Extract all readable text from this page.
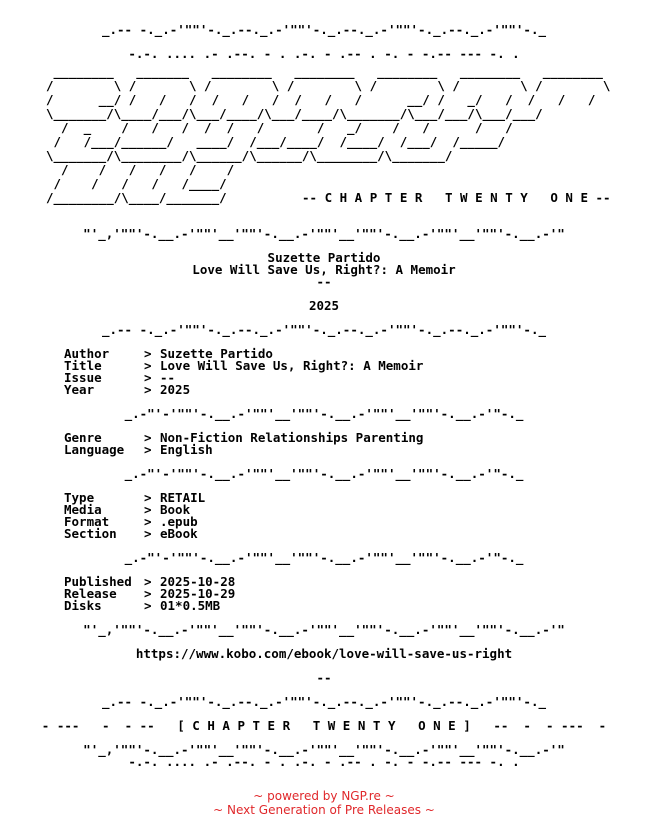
_.-- -._.-'""'-._.--._.-'""'-._.--._.-'""'-._.--._.-'""'-._
-.-. .... .- .--. - . .-. - .-- . -. - -.-- --- -. .
________   _______   ________   ________   ________   ________   ________
/        \ /       \ /        \ /        \ /        \ /        \ /        \
/      __/ /   /   /  /   /   /  /   /   /      __/ /   _/   /  /   /   /
\_______/\____/___/\___/____/\___/____/\_______/\___/___/\___/___/
/  _    /   /   /  /  /   /       /   _/    /   /      /   /
/   /___/______/   ____/  /___/____/  /____/  /___/  /_____/
\_______/\________/\______/\______/\________/\_______/
/    /   /   /   /    /
/    /   /   /   /____/
/________/\____/_______/	-- C H A P T E R   T W E N T Y   O N E --
"'_,'""'-.__.-'""'__'""'-.__.-'""'__'""'-.__.-'""'__'""'-.__.-'"
Suzette Partido
Love Will Save Us, Right?: A Memoir
--
2025
_.-- -._.-'""'-._.--._.-'""'-._.--._.-'""'-._.--._.-'""'-._
Author	> Suzette Partido
Title	> Love Will Save Us, Right?: A Memoir
Issue	> --
Year	> 2025
_.-"'-'""'-.__.-'""'__'""'-.__.-'""'__'""'-.__.-'"-._
Genre	> Non-Fiction Relationships Parenting
Language > English
_.-"'-'""'-.__.-'""'__'""'-.__.-'""'__'""'-.__.-'"-._
Type	> RETAIL
Media	> Book
Format	> .epub
Section > eBook
_.-"'-'""'-.__.-'""'__'""'-.__.-'""'__'""'-.__.-'"-._
Published > 2025-10-28
Release > 2025-10-29
Disks	> 01*0.5MB
"'_,'""'-.__.-'""'__'""'-.__.-'""'__'""'-.__.-'""'__'""'-.__.-'"
https://www.kobo.com/ebook/love-will-save-us-right
--
_.-- -._.-'""'-._.--._.-'""'-._.--._.-'""'-._.--._.-'""'-._
- ---   -  - --   [ C H A P T E R   T W E N T Y   O N E ]   --  -  - ---  -
"'_,'""'-.__.-'""'__'""'-.__.-'""'__'""'-.__.-'""'__'""'-.__.-'"
-.-. .... .- .--. - . .-. - .-- . -. - -.-- --- -. .
~ powered by NGP.re ~
~ Next Generation of Pre Releases ~
